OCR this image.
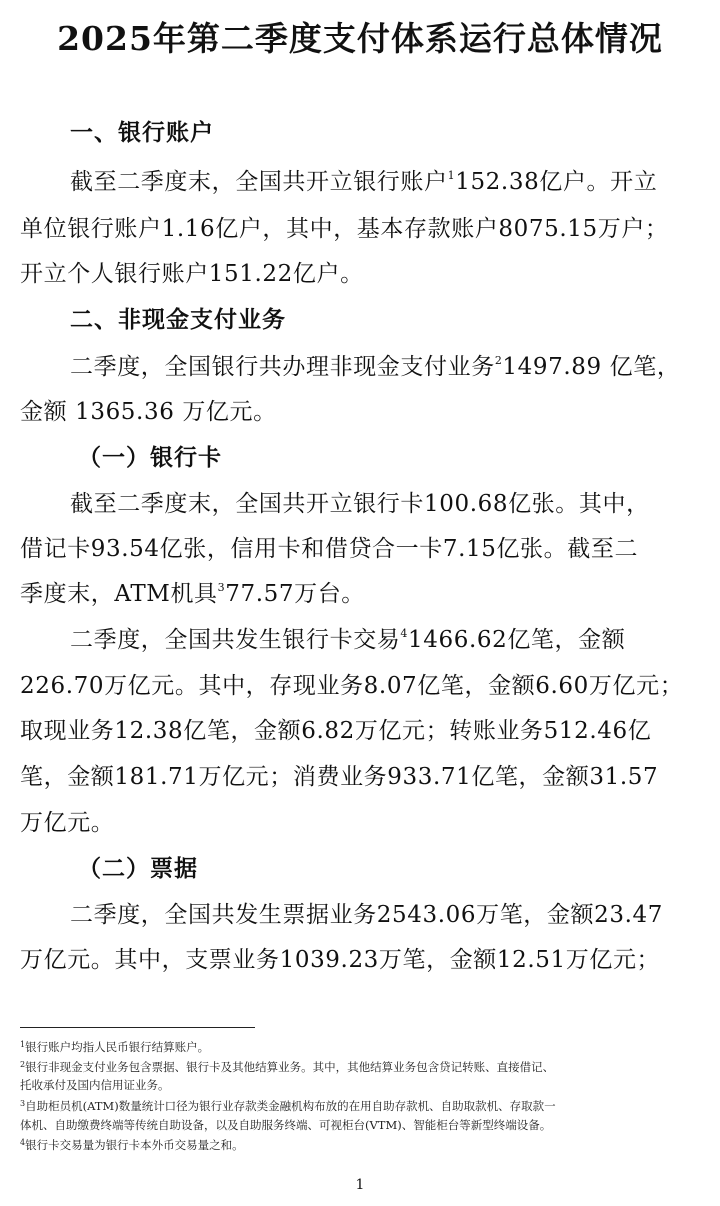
2025年第二季度支付体系运行总体情况
一、银行账户
截至二季度末，全国共开立银行账户$^1$152.38亿户。开立
单位银行账户1.16亿户，其中，基本存款账户8075.15万户；
开立个人银行账户151.22亿户。
二、非现金支付业务
二季度，全国银行共办理非现金支付业务$^2$1497.89 亿笔，
金额 1365.36 万亿元。
（一）银行卡
截至二季度末，全国共开立银行卡100.68亿张。其中，
借记卡93.54亿张，信用卡和借贷合一卡7.15亿张。截至二
季度末，ATM机具$^3$77.57万台。
二季度，全国共发生银行卡交易$^4$1466.62亿笔，金额
226.70万亿元。其中，存现业务8.07亿笔，金额6.60万亿元；
取现业务12.38亿笔，金额6.82万亿元；转账业务512.46亿
笔，金额181.71万亿元；消费业务933.71亿笔，金额31.57
万亿元。
（二）票据
二季度，全国共发生票据业务2543.06万笔，金额23.47
万亿元。其中，支票业务1039.23万笔，金额12.51万亿元；
$^1$银行账户均指人民币银行结算账户。
$^2$银行非现金支付业务包含票据、银行卡及其他结算业务。其中，其他结算业务包含贷记转账、直接借记、
托收承付及国内信用证业务。
$^3$自助柜员机(ATM)数量统计口径为银行业存款类金融机构布放的在用自助存款机、自助取款机、存取款一
体机、自助缴费终端等传统自助设备，以及自助服务终端、可视柜台(VTM)、智能柜台等新型终端设备。
$^4$银行卡交易量为银行卡本外币交易量之和。
1
